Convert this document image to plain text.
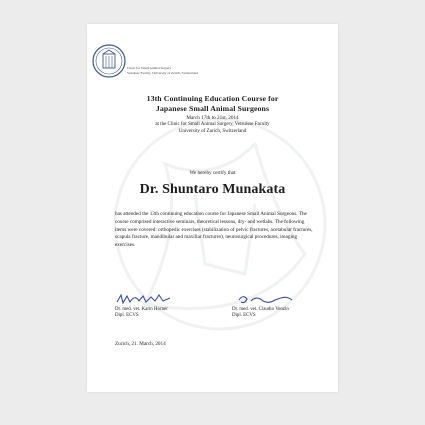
Clinic for Small Animal Surgery
Vetsuisse Faculty, University of Zurich, Switzerland
13th Continuing Education Course for
Japanese Small Animal Surgeons
March 17th to 21st, 2014
at the Clinic for Small Animal Surgery, Vetsuisse Faculty
University of Zurich, Switzerland
We hereby certify that
Dr. Shuntaro Munakata
has attended the 13th continuing education course for Japanese Small Animal Surgeons. The course comprised interactive seminars, theoretical lessons, dry- and wetlabs. The following items were covered: orthopedic exercises (stabilization of pelvic fractures, acetabular fractures, scapula fracture, mandibular and maxillar fractures), neurosurgical procedures, imaging exercises.
Dr. med. vet. Karin Horner
Dipl. ECVS
Dr. med. vet. Claudio Venzin
Dipl. ECVS
Zurich, 21. March, 2014
